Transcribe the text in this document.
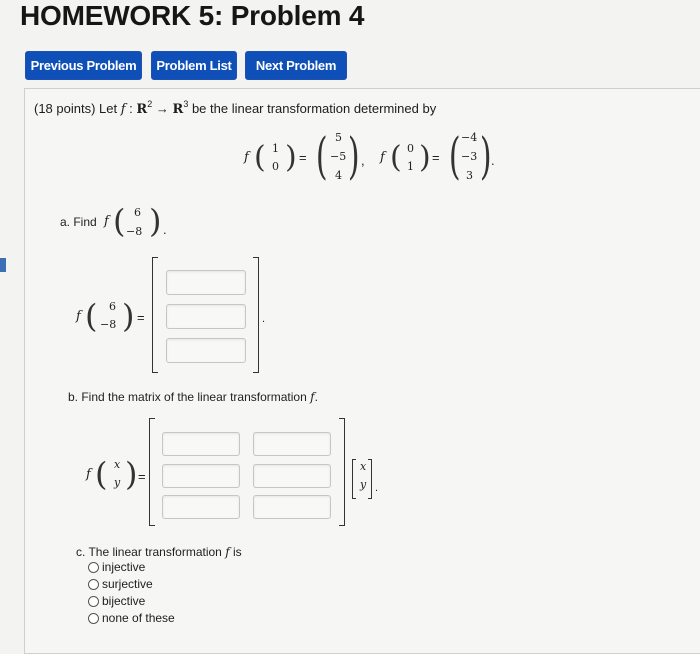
HOMEWORK 5: Problem 4
Previous Problem	Problem List	Next Problem
(18 points) Let f : $R^2 \to R^3$ be the linear transformation determined by
f ( 1
0 ) = ( 5
−5
4 ) , f ( 0
1 ) = ( −4
−3
3 ) .
a. Find f ( 6
−8 ) .
f ( 6
−8 ) =	.
b. Find the matrix of the linear transformation f.
f ( x
y ) =
x
y .
c. The linear transformation f is
injective
surjective
bijective
none of these
